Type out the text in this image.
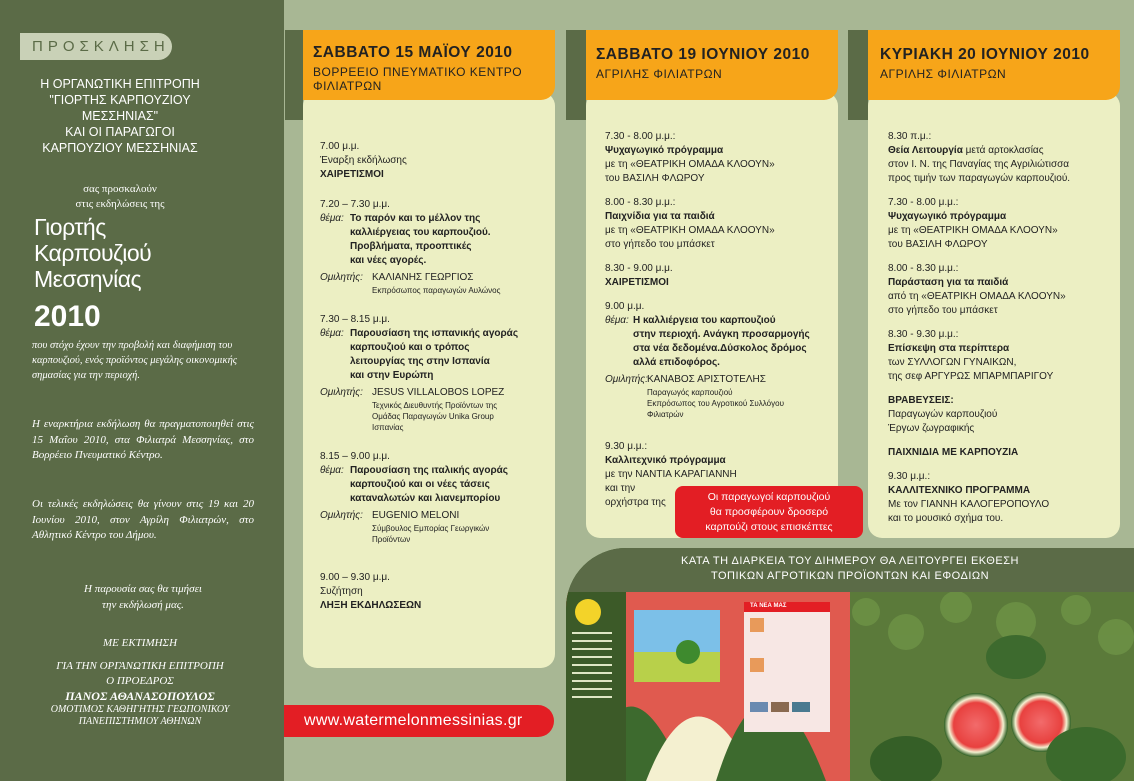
ΠΡΟΣΚΛΗΣΗ
Η ΟΡΓΑΝΩΤΙΚΗ ΕΠΙΤΡΟΠΗ
"ΓΙΟΡΤΗΣ ΚΑΡΠΟΥΖΙΟΥ
ΜΕΣΣΗΝΙΑΣ"
ΚΑΙ ΟΙ ΠΑΡΑΓΩΓΟΙ
ΚΑΡΠΟΥΖΙΟΥ ΜΕΣΣΗΝΙΑΣ
σας προσκαλούν
στις εκδηλώσεις της
Γιορτής
Καρπουζιού
Μεσσηνίας
2010
που στόχο έχουν την προβολή και διαφήμιση του καρπουζιού, ενός προϊόντος μεγάλης οικονομικής σημασίας για την περιοχή.
Η εναρκτήρια εκδήλωση θα πραγματοποιηθεί στις 15 Μαΐου 2010, στα Φιλιατρά Μεσσηνίας, στο Βορρέειο Πνευματικό Κέντρο.
Οι τελικές εκδηλώσεις θα γίνουν στις 19 και 20 Ιουνίου 2010, στον Αγρίλη Φιλιατρών, στο Αθλητικό Κέντρο του Δήμου.
Η παρουσία σας θα τιμήσει
την εκδήλωσή μας.
ΜΕ ΕΚΤΙΜΗΣΗ
ΓΙΑ ΤΗΝ ΟΡΓΑΝΩΤΙΚΗ ΕΠΙΤΡΟΠΗ
Ο ΠΡΟΕΔΡΟΣ
ΠΑΝΟΣ ΑΘΑΝΑΣΟΠΟΥΛΟΣ
ΟΜΟΤΙΜΟΣ ΚΑΘΗΓΗΤΗΣ ΓΕΩΠΟΝΙΚΟΥ
ΠΑΝΕΠΙΣΤΗΜΙΟΥ ΑΘΗΝΩΝ
ΣΑΒΒΑΤΟ 15 ΜΑΪΟΥ 2010
ΒΟΡΡΕΕΙΟ ΠΝΕΥΜΑΤΙΚΟ ΚΕΝΤΡΟ
ΦΙΛΙΑΤΡΩΝ
7.00 μ.μ.
Έναρξη εκδήλωσης
ΧΑΙΡΕΤΙΣΜΟΙ
7.20 – 7.30 μ.μ.
θέμα: Το παρόν και το μέλλον της
καλλιέργειας του καρπουζιού.
Προβλήματα, προοπτικές
και νέες αγορές.
Ομιλητής: ΚΑΛΙΑΝΗΣ ΓΕΩΡΓΙΟΣ
Εκπρόσωπος παραγωγών Αυλώνος
7.30 – 8.15 μ.μ.
θέμα: Παρουσίαση της ισπανικής αγοράς
καρπουζιού και ο τρόπος
λειτουργίας της στην Ισπανία
και στην Ευρώπη
Ομιλητής: JESUS VILLALOBOS LOPEZ
Τεχνικός Διευθυντής Προϊόντων της
Ομάδας Παραγωγών Unika Group
Ισπανίας
8.15 – 9.00 μ.μ.
θέμα: Παρουσίαση της ιταλικής αγοράς
καρπουζιού και οι νέες τάσεις
καταναλωτών και λιανεμπορίου
Ομιλητής: EUGENIO MELONI
Σύμβουλος Εμπορίας Γεωργικών
Προϊόντων
9.00 – 9.30 μ.μ.
Συζήτηση
ΛΗΞΗ ΕΚΔΗΛΩΣΕΩΝ
ΣΑΒΒΑΤΟ 19 ΙΟΥΝΙΟΥ 2010
ΑΓΡΙΛΗΣ ΦΙΛΙΑΤΡΩΝ
7.30 - 8.00 μ.μ.:
Ψυχαγωγικό πρόγραμμα
με τη «ΘΕΑΤΡΙΚΗ ΟΜΑΔΑ ΚΛΟΟΥΝ»
του ΒΑΣΙΛΗ ΦΛΩΡΟΥ
8.00 - 8.30 μ.μ.:
Παιχνίδια για τα παιδιά
με τη «ΘΕΑΤΡΙΚΗ ΟΜΑΔΑ ΚΛΟΟΥΝ»
στο γήπεδο του μπάσκετ
8.30 - 9.00 μ.μ.
ΧΑΙΡΕΤΙΣΜΟΙ
9.00 μ.μ.
θέμα: Η καλλιέργεια του καρπουζιού
στην περιοχή. Ανάγκη προσαρμογής
στα νέα δεδομένα.Δύσκολος δρόμος
αλλά επιδοφόρος.
Ομιλητής:ΚΑΝΑΒΟΣ ΑΡΙΣΤΟΤΕΛΗΣ
Παραγωγός καρπουζιού
Εκπρόσωπος του Αγροτικού Συλλόγου
Φιλιατρών
9.30 μ.μ.:
Καλλιτεχνικό πρόγραμμα
με την ΝΑΝΤΙΑ ΚΑΡΑΓΙΑΝΝΗ
και την
ορχήστρα της	Οι παραγωγοί καρπουζιού
θα προσφέρουν δροσερό
καρπούζι στους επισκέπτες
ΚΥΡΙΑΚΗ 20 ΙΟΥΝΙΟΥ 2010
ΑΓΡΙΛΗΣ ΦΙΛΙΑΤΡΩΝ
8.30 π.μ.:
Θεία Λειτουργία μετά αρτοκλασίας
στον Ι. Ν. της Παναγίας της Αγριλιώτισσα
προς τιμήν των παραγωγών καρπουζιού.
7.30 - 8.00 μ.μ.:
Ψυχαγωγικό πρόγραμμα
με τη «ΘΕΑΤΡΙΚΗ ΟΜΑΔΑ ΚΛΟΟΥΝ»
του ΒΑΣΙΛΗ ΦΛΩΡΟΥ
8.00 - 8.30 μ.μ.:
Παράσταση για τα παιδιά
από τη «ΘΕΑΤΡΙΚΗ ΟΜΑΔΑ ΚΛΟΟΥΝ»
στο γήπεδο του μπάσκετ
8.30 - 9.30 μ.μ.:
Επίσκεψη στα περίπτερα
των ΣΥΛΛΟΓΩΝ ΓΥΝΑΙΚΩΝ,
της σεφ ΑΡΓΥΡΩΣ ΜΠΑΡΜΠΑΡΙΓΟΥ
ΒΡΑΒΕΥΣΕΙΣ:
Παραγωγών καρπουζιού
Έργων ζωγραφικής
ΠΑΙΧΝΙΔΙΑ ΜΕ ΚΑΡΠΟΥΖΙΑ
9.30 μ.μ.:
ΚΑΛΛΙΤΕΧΝΙΚΟ ΠΡΟΓΡΑΜΜΑ
Με τον ΓΙΑΝΝΗ ΚΑΛΟΓΕΡΟΠΟΥΛΟ
και το μουσικό σχήμα του.
ΚΑΤΑ ΤΗ ΔΙΑΡΚΕΙΑ ΤΟΥ ΔΙΗΜΕΡΟΥ ΘΑ ΛΕΙΤΟΥΡΓΕΙ ΕΚΘΕΣΗ
ΤΟΠΙΚΩΝ ΑΓΡΟΤΙΚΩΝ ΠΡΟΪΟΝΤΩΝ ΚΑΙ ΕΦΟΔΙΩΝ
ΤΑ ΝΕΑ ΜΑΣ
www.watermelonmessinias.gr
